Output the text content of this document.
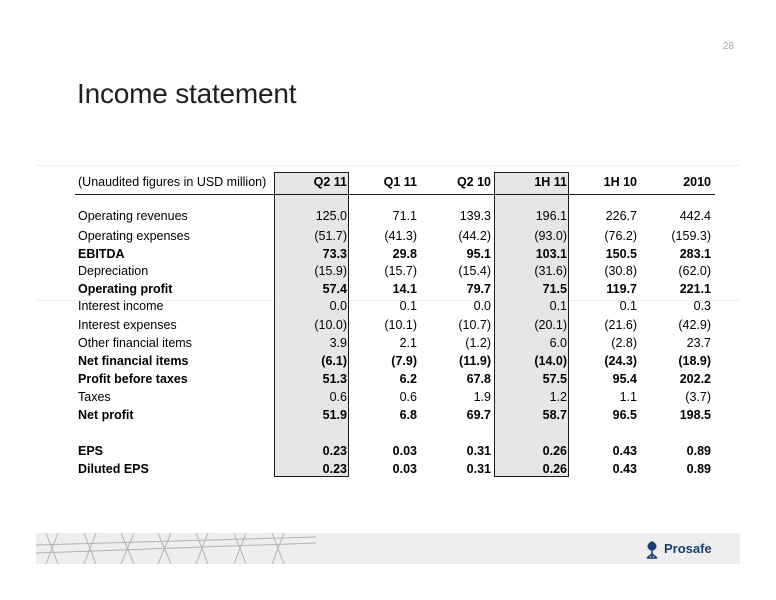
28
Income statement
(Unaudited figures in USD million)	Q2 11	Q1 11	Q2 10	1H 11	1H 10	2010
Operating revenues	125.0	71.1	139.3	196.1	226.7	442.4
Operating expenses	(51.7)	(41.3)	(44.2)	(93.0)	(76.2)	(159.3)
EBITDA	73.3	29.8	95.1	103.1	150.5	283.1
Depreciation	(15.9)	(15.7)	(15.4)	(31.6)	(30.8)	(62.0)
Operating profit	57.4	14.1	79.7	71.5	119.7	221.1
Interest income	0.0	0.1	0.0	0.1	0.1	0.3
Interest expenses	(10.0)	(10.1)	(10.7)	(20.1)	(21.6)	(42.9)
Other financial items	3.9	2.1	(1.2)	6.0	(2.8)	23.7
Net financial items	(6.1)	(7.9)	(11.9)	(14.0)	(24.3)	(18.9)
Profit before taxes	51.3	6.2	67.8	57.5	95.4	202.2
Taxes	0.6	0.6	1.9	1.2	1.1	(3.7)
Net profit	51.9	6.8	69.7	58.7	96.5	198.5
EPS	0.23	0.03	0.31	0.26	0.43	0.89
Diluted EPS	0.23	0.03	0.31	0.26	0.43	0.89
Prosafe
